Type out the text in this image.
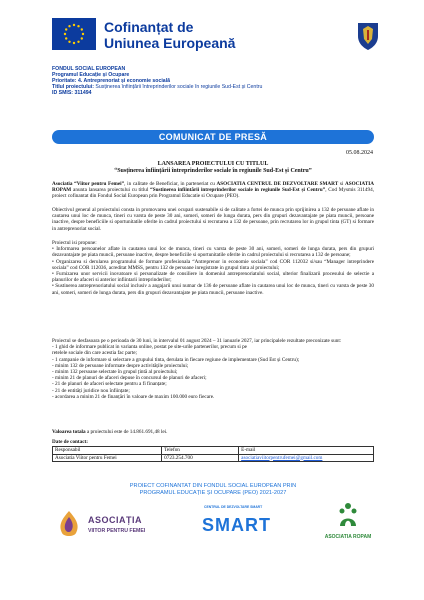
Cofinanțat de
Uniunea Europeană
FONDUL SOCIAL EUROPEAN
Programul Educație și Ocupare
Prioritate: 4. Antreprenoriat și economie socială
Titlul proiectului: Susținerea înființării întreprinderilor sociale în regiunile Sud-Est și Centru
ID SMIS: 311494
COMUNICAT DE PRESĂ
05.08.2024
LANSAREA PROIECTULUI CU TITLUL
“Susținerea înființării întreprinderilor sociale în regiunile Sud-Est și Centru”

Asociatia “Viitor pentru Femei”, in calitate de Beneficiar, in parteneriat cu ASOCIATIA CENTRUL DE DEZVOLTARE SMART si ASOCIATIA ROPAM anunta lansarea proiectului cu titlul “Sustinerea infiintării intreprinderilor sociale in regiunile Sud-Est și Centru”, Cod Mysmis 311494, proiect cofinantat din Fondul Social European prin Programul Educatie si Ocupare (PEO).

Obiectivul general al proiectului consta in promovarea unei ocupari sustenabile si de calitate a fortei de munca prin sprijinirea a 132 de persoane aflate in cautarea unui loc de munca, tineri cu varsta de peste 30 ani, someri, someri de lunga durata, pers din grupuri dezavantajate pe piata muncii, persoane inactive, despre beneficiile si oportunitatile oferite in cadrul proiectului si recrutarea a 132 de persoane, prin recrutarea lor in grupul tinta (GT) si formare in antreprenoriat social.

Proiectul isi propune:

• Informarea persoanelor aflate in cautarea unui loc de munca, tineri cu varsta de peste 30 ani, someri, someri de lunga durata, pers din grupuri dezavantajate pe piata muncii, persoane inactive, despre beneficiile si oportunitatile oferite in cadrul proiectului si recrutarea a 132 de persoane;

• Organizarea si derularea programului de formare profesionala “Antreprenor in economie sociala” cod COR 112032 si/sau “Manager intreprindere sociala” cod COR 112036, acreditat MMSS, pentru 132 de persoane inregistrate in grupul tinta al proiectului;

• Furnizarea unor servicii inovatoare si personalizate de consiliere in domeniul antreprenoriatului social, ulterior finalizarii procesului de selectie a planurilor de afaceri si anterior infiintarii intreprinderilor;

• Sustinerea antreprenoriatului social inclusiv a angajarii unui numar de 136 de persoane aflate in cautarea unui loc de munca, tineri cu varsta de peste 30 ani, someri, someri de lunga durata, pers din grupuri dezavantajate pe piata muncii, persoane inactive.

Proiectul se desfasoara pe o perioada de 30 luni, in intervalul 01 august 2024 – 31 ianuarie 2027, iar principalele rezultate preconizate sunt:

- 1 ghid de informare publicat in varianta online, postat pe site-urile partenerilor, precum si pe

retelele sociale din care acestia fac parte;

- 1 campanie de informare si selectare a grupului tinta, derulata in fiecare regiune de implementare (Sud Est și Centru);

- minim 132 de persoane informate despre activitățile proiectului;

- minim 132 persoane selectate în grupul țintă al proiectului;

- minim 21 de planuri de afaceri depuse în concursul de planuri de afaceri;

- 21 de planuri de afaceri selectate pentru a fi finanțate;

- 21 de entități juridice nou înființate;

- acordarea a minim 21 de finanțări în valoare de maxim 100.000 euro fiecare.

Valoarea totala a proiectului este de 14.861.691,48 lei.

Date de contact:

Responsabil	Telefon	E-mail
Asociatia Viitor pentru Femei	0723.254.700	asociatiaviitorpentrufemei@gmail.com
PROIECT COFINANTAT DIN FONDUL SOCIAL EUROPEAN PRIN
PROGRAMUL EDUCAȚIE ȘI OCUPARE (PEO) 2021-2027
ASOCIAȚIA
VIITOR PENTRU FEMEI
CENTRUL DE DEZVOLTARE SMART
SMART
ASOCIATIA ROPAM
